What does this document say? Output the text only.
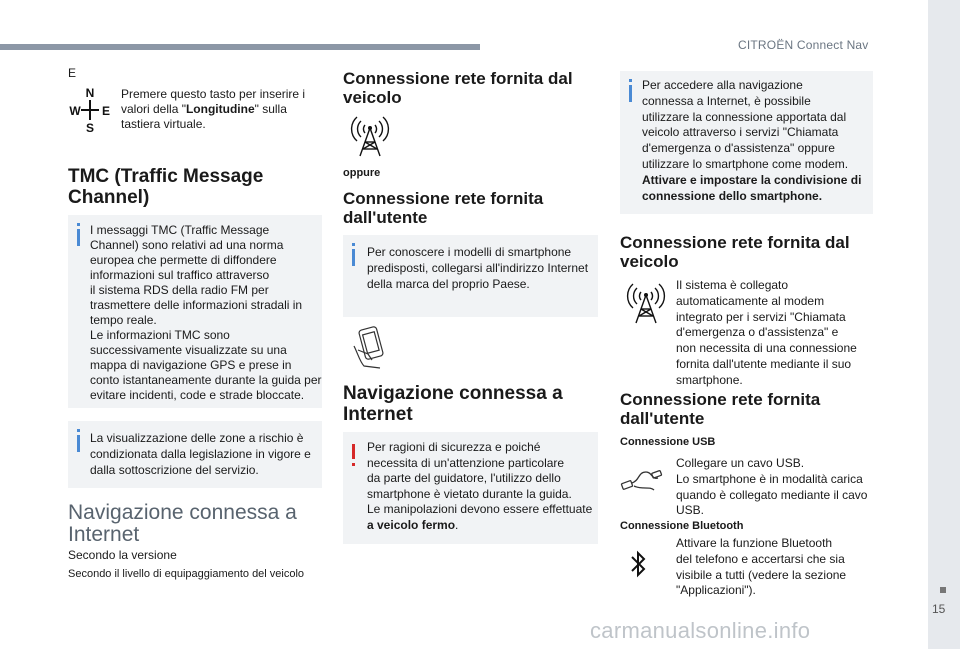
CITROËN Connect Nav
15
carmanualsonline.info
E
N
W E
S
Premere questo tasto per inserire i valori della "Longitudine" sulla tastiera virtuale.
TMC (Traffic Message
Channel)
I messaggi TMC (Traffic Message
Channel) sono relativi ad una norma
europea che permette di diffondere
informazioni sul traffico attraverso
il sistema RDS della radio FM per
trasmettere delle informazioni stradali in
tempo reale.
Le informazioni TMC sono
successivamente visualizzate su una
mappa di navigazione GPS e prese in
conto istantaneamente durante la guida per
evitare incidenti, code e strade bloccate.
La visualizzazione delle zone a rischio è
condizionata dalla legislazione in vigore e
dalla sottoscrizione del servizio.
Navigazione connessa a
Internet
Secondo la versione
Secondo il livello di equipaggiamento del veicolo
Connessione rete fornita dal
veicolo
oppure
Connessione rete fornita
dall'utente
Per conoscere i modelli di smartphone
predisposti, collegarsi all'indirizzo Internet
della marca del proprio Paese.
Navigazione connessa a
Internet
Per ragioni di sicurezza e poiché
necessita di un'attenzione particolare
da parte del guidatore, l'utilizzo dello
smartphone è vietato durante la guida.
Le manipolazioni devono essere effettuate
a veicolo fermo.
Per accedere alla navigazione
connessa a Internet, è possibile
utilizzare la connessione apportata dal
veicolo attraverso i servizi "Chiamata
d'emergenza o d'assistenza" oppure
utilizzare lo smartphone come modem.
Attivare e impostare la condivisione di
connessione dello smartphone.
Connessione rete fornita dal
veicolo
Il sistema è collegato
automaticamente al modem
integrato per i servizi "Chiamata
d'emergenza o d'assistenza" e
non necessita di una connessione
fornita dall'utente mediante il suo
smartphone.
Connessione rete fornita
dall'utente
Connessione USB
Collegare un cavo USB.
Lo smartphone è in modalità carica
quando è collegato mediante il cavo
USB.
Connessione Bluetooth
Attivare la funzione Bluetooth
del telefono e accertarsi che sia
visibile a tutti (vedere la sezione
"Applicazioni").
